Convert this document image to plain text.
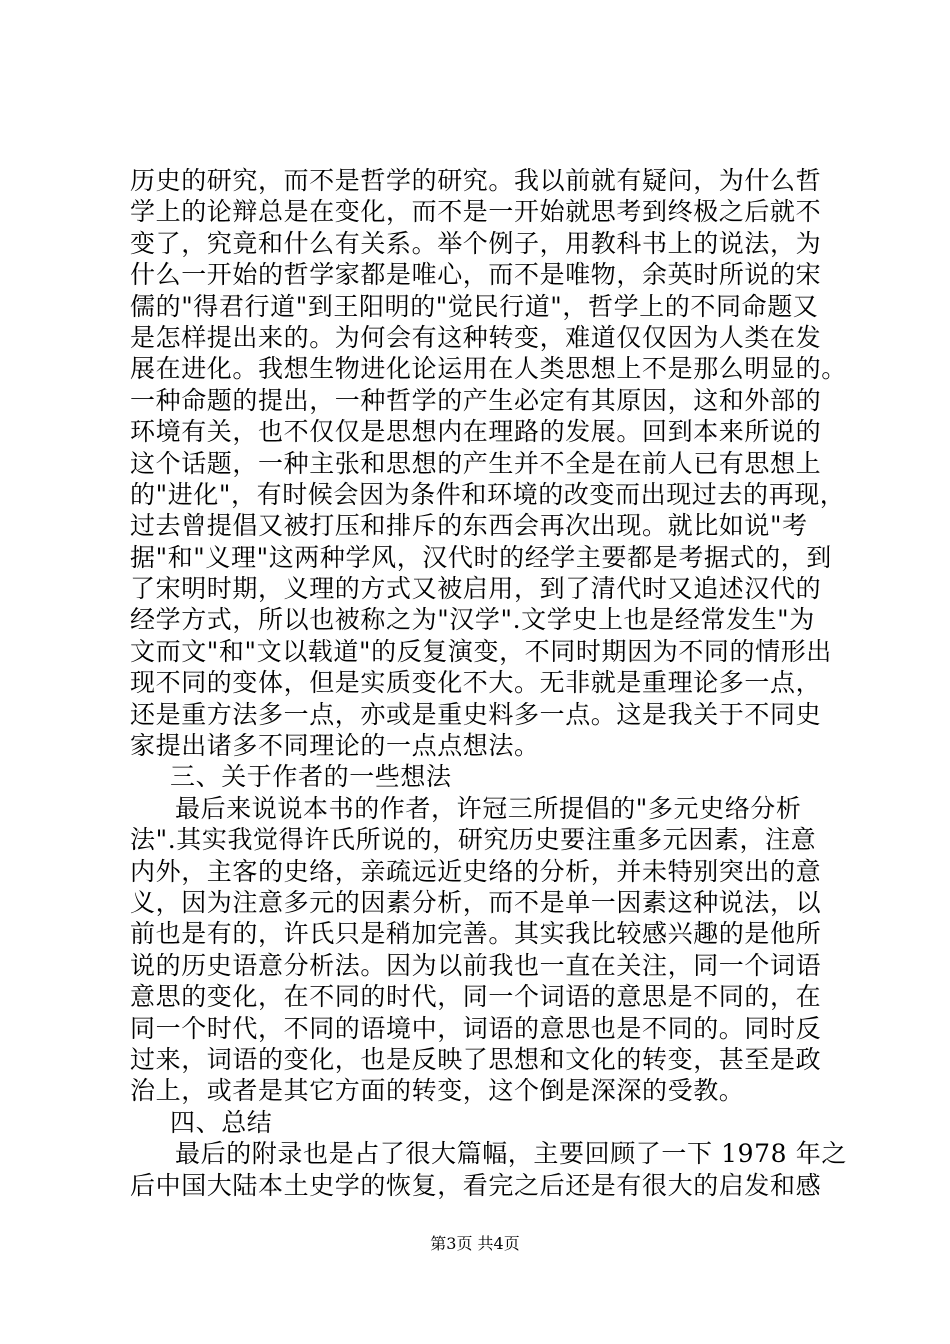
历史的研究，而不是哲学的研究。我以前就有疑问，为什么哲
学上的论辩总是在变化，而不是一开始就思考到终极之后就不
变了，究竟和什么有关系。举个例子，用教科书上的说法，为
什么一开始的哲学家都是唯心，而不是唯物，余英时所说的宋
儒的"得君行道"到王阳明的"觉民行道"，哲学上的不同命题又
是怎样提出来的。为何会有这种转变，难道仅仅因为人类在发
展在进化。我想生物进化论运用在人类思想上不是那么明显的。
一种命题的提出，一种哲学的产生必定有其原因，这和外部的
环境有关，也不仅仅是思想内在理路的发展。回到本来所说的
这个话题，一种主张和思想的产生并不全是在前人已有思想上
的"进化"，有时候会因为条件和环境的改变而出现过去的再现，
过去曾提倡又被打压和排斥的东西会再次出现。就比如说"考
据"和"义理"这两种学风，汉代时的经学主要都是考据式的，到
了宋明时期，义理的方式又被启用，到了清代时又追述汉代的
经学方式，所以也被称之为"汉学".文学史上也是经常发生"为
文而文"和"文以载道"的反复演变，不同时期因为不同的情形出
现不同的变体，但是实质变化不大。无非就是重理论多一点，
还是重方法多一点，亦或是重史料多一点。这是我关于不同史
家提出诸多不同理论的一点点想法。
三、关于作者的一些想法
最后来说说本书的作者，许冠三所提倡的"多元史络分析
法".其实我觉得许氏所说的，研究历史要注重多元因素，注意
内外，主客的史络，亲疏远近史络的分析，并未特别突出的意
义，因为注意多元的因素分析，而不是单一因素这种说法，以
前也是有的，许氏只是稍加完善。其实我比较感兴趣的是他所
说的历史语意分析法。因为以前我也一直在关注，同一个词语
意思的变化，在不同的时代，同一个词语的意思是不同的，在
同一个时代，不同的语境中，词语的意思也是不同的。同时反
过来，词语的变化，也是反映了思想和文化的转变，甚至是政
治上，或者是其它方面的转变，这个倒是深深的受教。
四、总结
最后的附录也是占了很大篇幅，主要回顾了一下 1978 年之
后中国大陆本土史学的恢复，看完之后还是有很大的启发和感
第3页 共4页
